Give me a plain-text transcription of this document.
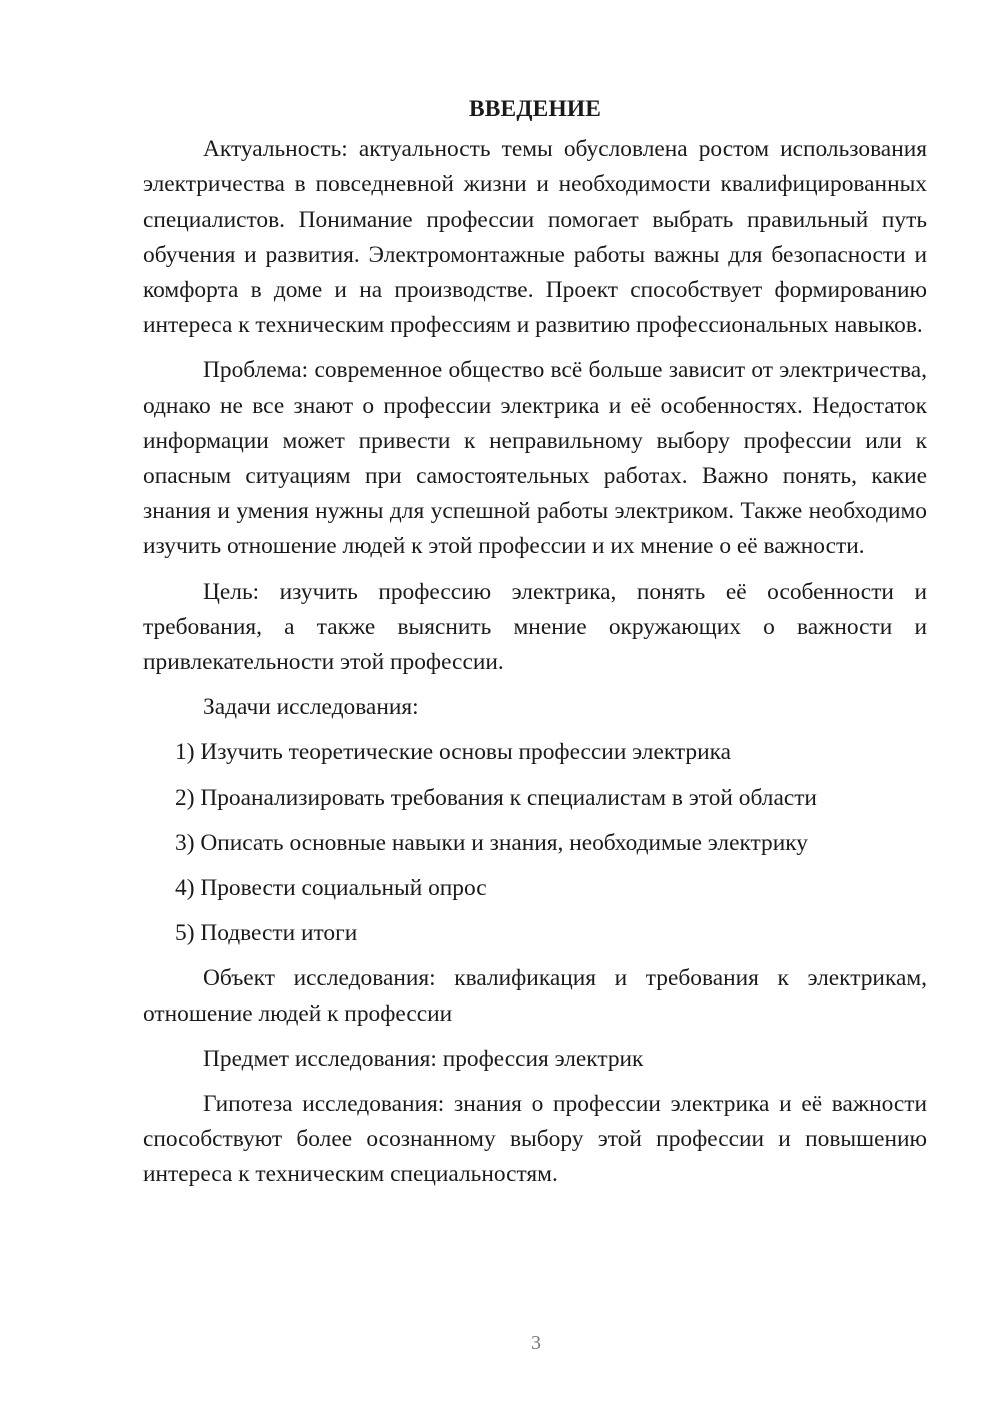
ВВЕДЕНИЕ

Актуальность: актуальность темы обусловлена ростом использования электричества в повседневной жизни и необходимости квалифицированных специалистов. Понимание профессии помогает выбрать правильный путь обучения и развития. Электромонтажные работы важны для безопасности и комфорта в доме и на производстве. Проект способствует формированию интереса к техническим профессиям и развитию профессиональных навыков.

Проблема: современное общество всё больше зависит от электричества, однако не все знают о профессии электрика и её особенностях. Недостаток информации может привести к неправильному выбору профессии или к опасным ситуациям при самостоятельных работах. Важно понять, какие знания и умения нужны для успешной работы электриком. Также необходимо изучить отношение людей к этой профессии и их мнение о её важности.

Цель: изучить профессию электрика, понять её особенности и требования, а также выяснить мнение окружающих о важности и привлекательности этой профессии.

Задачи исследования:

1) Изучить теоретические основы профессии электрика
2) Проанализировать требования к специалистам в этой области
3) Описать основные навыки и знания, необходимые электрику
4) Провести социальный опрос
5) Подвести итоги

Объект исследования: квалификация и требования к электрикам, отношение людей к профессии

Предмет исследования: профессия электрик

Гипотеза исследования: знания о профессии электрика и её важности способствуют более осознанному выбору этой профессии и повышению интереса к техническим специальностям.

3
